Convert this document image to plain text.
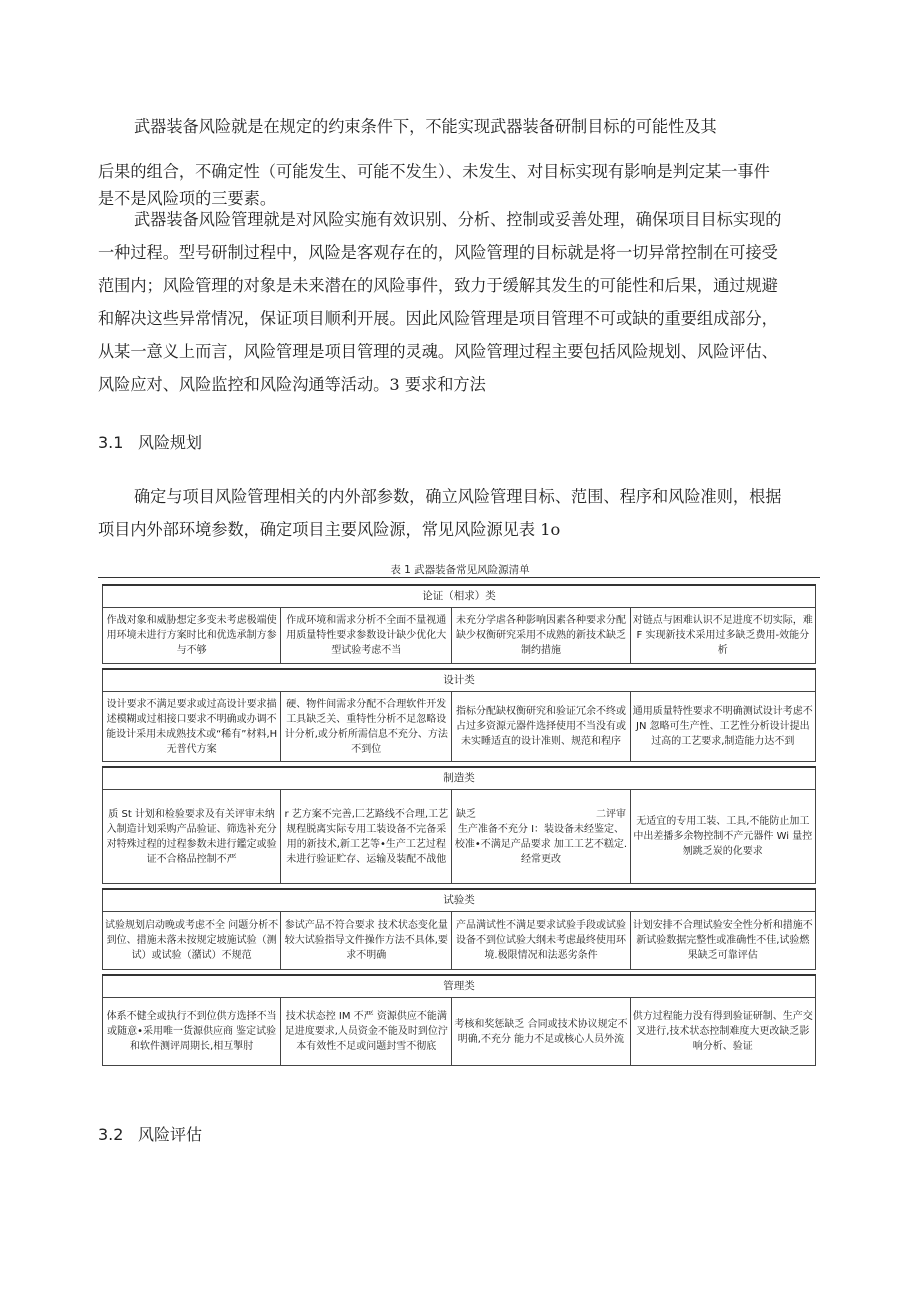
武器装备风险就是在规定的约束条件下，不能实现武器装备研制目标的可能性及其
后果的组合，不确定性（可能发生、可能不发生）、未发生、对目标实现有影响是判定某一事件
是不是风险项的三要素。
武器装备风险管理就是对风险实施有效识别、分析、控制或妥善处理，确保项目目标实现的
一种过程。型号研制过程中，风险是客观存在的，风险管理的目标就是将一切异常控制在可接受
范围内；风险管理的对象是未来潜在的风险事件，致力于缓解其发生的可能性和后果，通过规避
和解决这些异常情况，保证项目顺利开展。因此风险管理是项目管理不可或缺的重要组成部分，
从某一意义上而言，风险管理是项目管理的灵魂。风险管理过程主要包括风险规划、风险评估、
风险应对、风险监控和风险沟通等活动。3 要求和方法
3.1 风险规划
确定与项目风险管理相关的内外部参数，确立风险管理目标、范围、程序和风险准则，根据
项目内外部环境参数，确定项目主要风险源，常见风险源见表 1o
表 1 武器装备常见风险源清单
论证（相求）类			
作战对象和威胁想定多变未考虑极端使用环境未进行方案时比和优选承制方参与不够	作成环境和需求分析不全面不量视通用质量特性要求参数设计缺少优化大型试验考虑不当	未充分学虐各种影响因素各种要求分配缺少权衡研究采用不成熟的新技术缺乏制约措施	对链点与困难认识不足进度不切实际，难 F 实现新技术采用过多缺乏费用-效能分析

设计类			
设计要求不满足要求或过高设计要求描述模糊或过相接口要求不明确或办调不能设计采用未成熟技术或“稀有”材料,H 无普代方案	硬、物件间需求分配不合理软件开发工具缺乏关、重特性分析不足忽略设计分析,或分析所需信息不充分、方法不到位	指标分配缺权衡研究和验证冗余不终或占过多资源元器件选择使用不当没有或未实睡适直的设计准则、规范和程序	通用质量特性要求不明确测试设计考虑不 JN 忽略可生产性、工艺性分析设计提出过高的工艺要求,制造能力达不到

制造类			
质 St 计划和检验要求及有关评审未纳入制造计划采购产品验证、筛选补充分对特殊过程的过程参数未进行鑑定或验证不合格品控制不严	r 艺方案不完善,匚艺路线不合理,工艺规程脱离实际专用工装设备不完备采用的新技术,新工艺等•生产工艺过程未进行验证贮存、运输及装配不战他	缺乏　　　　　　　　　　　　二评审 生产准备不充分 I：装设备未经鉴定、校准•不满足产品要求 加工工艺不糕定.经常更改	无适宜的专用工装、工具,不能防止加工中出差播多余物控制不产元器件 Wi 量控刎跳乏炭的化要求

试验类			
试验规划启动晚或考虑不全 问题分析不到位、措施未落未按规定坡施试验（测试）或试验（潴试）不规范	参试产品不符合要求 技术状态变化量较大试验指导文件操作方法不具体,要求不明确	产品满试性不满足要求试验手段或试验设备不到位试验大纲未考虑最终使用环境.极限情况和法恶劣条件	计划安排不合理试验安全性分析和措施不新试验数据完整性或准确性不佳,试验燃果缺乏可靠评估

管理类			
体系不健全或执行不到位供方选择不当或随意•采用唯一货源供应商 鉴定试验和软件测评周期长,相互掣肘	技术状态控 IM 不严 资源供应不能满足进度要求,人员资金不能及时到位泞本有效性不足或问题封雪不彻底	考核和奖惩缺乏 合同或技术协议规定不明确,不充分 能力不足或核心人员外流	供方过程能力没有得到验证研制、生产交叉进行,技术状态控制难度大更改缺乏影响分析、验证
3.2 风险评估
